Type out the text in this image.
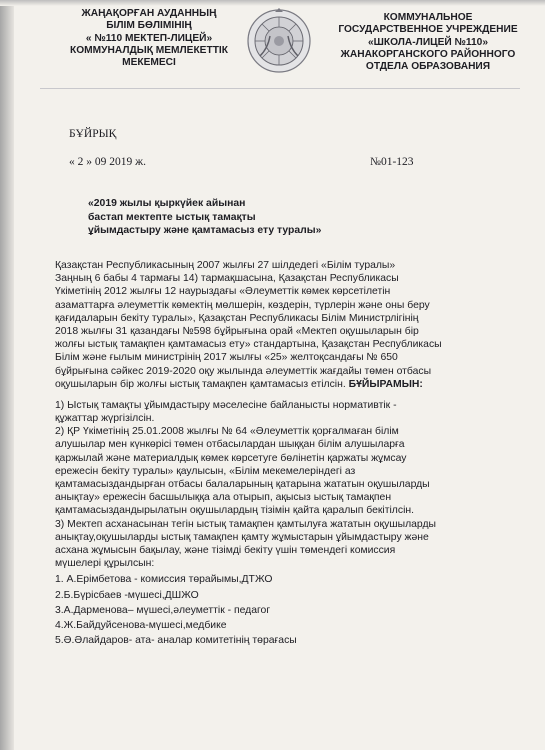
ЖАҢАҚОРҒАН АУДАННЫҢ
БІЛІМ БӨЛІМІНІҢ
« №110 МЕКТЕП-ЛИЦЕЙ»
КОММУНАЛДЫҚ МЕМЛЕКЕТТІК
МЕКЕМЕСІ
КОММУНАЛЬНОЕ
ГОСУДАРСТВЕННОЕ УЧРЕЖДЕНИЕ
«ШКОЛА-ЛИЦЕЙ №110»
ЖАНАКОРГАНСКОГО РАЙОННОГО
ОТДЕЛА ОБРАЗОВАНИЯ
БҰЙРЫҚ
« 2 » 09 2019 ж.	№01-123
«2019 жылы қыркүйек айынан
бастап мектепте ыстық тамақты
ұйымдастыру және қамтамасыз ету туралы»
Қазақстан Республикасының 2007 жылғы 27 шілдедегі «Білім туралы»
Заңның 6 бабы 4 тармағы 14) тармақшасына, Қазақстан Республикасы
Үкіметінің 2012 жылғы 12 наурыздағы «Әлеуметтік көмек көрсетілетін
азаматтарға әлеуметтік көмектің мөлшерін, көздерін, түрлерін және оны беру
қағидаларын бекіту туралы», Қазақстан Республикасы Білім Министрлігінің
2018 жылғы 31 қазандағы №598 бұйрығына орай «Мектеп оқушыларын бір
жолғы ыстық тамақпен қамтамасыз ету» стандартына, Қазақстан Республикасы
Білім және ғылым министрінің 2017 жылғы «25» желтоқсандағы № 650
бұйрығына сәйкес 2019-2020 оқу жылында әлеуметтік жағдайы төмен отбасы
оқушыларын бір жолғы ыстық тамақпен қамтамасыз етілсін. БҰЙЫРАМЫН:
1) Ыстық тамақты ұйымдастыру мәселесіне байланысты нормативтік -
құжаттар жүргізілсін.
2) ҚР Үкіметінің 25.01.2008 жылғы № 64 «Әлеуметтік қорғалмаған білім
алушылар мен күнкөрісі төмен отбасылардан шыққан білім алушыларға
қаржылай және материалдық көмек көрсетуге бөлінетін қаржаты жұмсау
ережесін бекіту туралы» қаулысын, «Білім мекемелеріндегі аз
қамтамасыздандырған отбасы балаларының қатарына жататын оқушыларды
анықтау» ережесін басшылыққа ала отырып, ақысыз ыстық тамақпен
қамтамасыздандырылатын оқушылардың тізімін қайта қаралып бекітілсін.
3) Мектеп асханасынан тегін ыстық тамақпен қамтылуға жататын оқушыларды
анықтау,оқушыларды ыстық тамақпен қамту жұмыстарын ұйымдастыру және
асхана жұмысын бақылау, және тізімді бекіту үшін төмендегі комиссия
мүшелері құрылсын:
1. А.Ерімбетова - комиссия төрайымы,ДТЖО
2.Б.Бүрісбаев -мүшесі,ДШЖО
3.А.Дарменова– мүшесі,әлеуметтік - педагог
4.Ж.Байдуйсенова-мүшесі,медбике
5.Ә.Әлайдаров- ата- аналар комитетінің төрағасы
